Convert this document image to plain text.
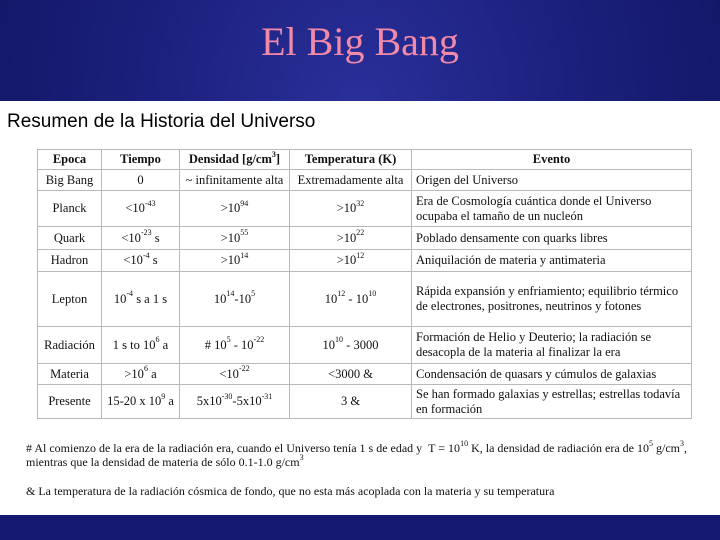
El Big Bang
Resumen de la Historia del Universo
Epoca	Tiempo	Densidad $[g/cm^3]$	Temperatura (K)	Evento
Big Bang	0	~ infinitamente alta	Extremadamente alta	Origen del Universo
Planck	$<10^{-43}$	$>10^{94}$	$>10^{32}$	Era de Cosmología cuántica donde el Universo ocupaba el tamaño de un nucleón
Quark	$<10^{-23}$ s	$>10^{55}$	$>10^{22}$	Poblado densamente con quarks libres
Hadron	$<10^{-4}$ s	$>10^{14}$	$>10^{12}$	Aniquilación de materia y antimateria
Lepton	$10^{-4}$ s a 1 s	$10^{14}-10^5$	$10^{12} - 10^{10}$	Rápida expansión y enfriamiento; equilibrio térmico de electrones, positrones, neutrinos y fotones
Radiación	1 s to $10^6$ a	# $10^5 - 10^{-22}$	$10^{10} - 3000$	Formación de Helio y Deuterio; la radiación se desacopla de la materia al finalizar la era
Materia	$>10^6$ a	$<10^{-22}$	<3000 &	Condensación de quasars y cúmulos de galaxias
Presente	15-20 x $10^9$ a	$5x10^{-30}-5x10^{-31}$	3 &	Se han formado galaxias y estrellas; estrellas todavía en formación
# Al comienzo de la era de la radiación era, cuando el Universo tenía 1 s de edad y  $T = 10^{10}$ K, la densidad de radiación era de $10^5$ $g/cm^3$, mientras que la densidad de materia de sólo 0.1-1.0 $g/cm^3$
& La temperatura de la radiación cósmica de fondo, que no esta más acoplada con la materia y su temperatura
